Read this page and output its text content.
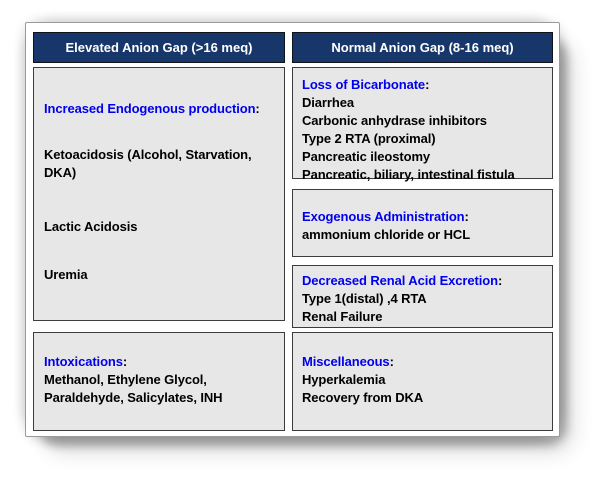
Elevated Anion Gap (>16 meq)
Increased Endogenous production:
Ketoacidosis (Alcohol, Starvation, DKA)
Lactic Acidosis
Uremia
Intoxications:
Methanol, Ethylene Glycol, Paraldehyde, Salicylates, INH
Normal Anion Gap (8-16 meq)
Loss of Bicarbonate:
Diarrhea
Carbonic anhydrase inhibitors
Type 2 RTA (proximal)
Pancreatic ileostomy
Pancreatic, biliary, intestinal fistula
Exogenous Administration:
ammonium chloride or HCL
Decreased Renal Acid Excretion:
Type 1(distal) ,4 RTA
Renal Failure
Miscellaneous:
Hyperkalemia
Recovery from DKA
